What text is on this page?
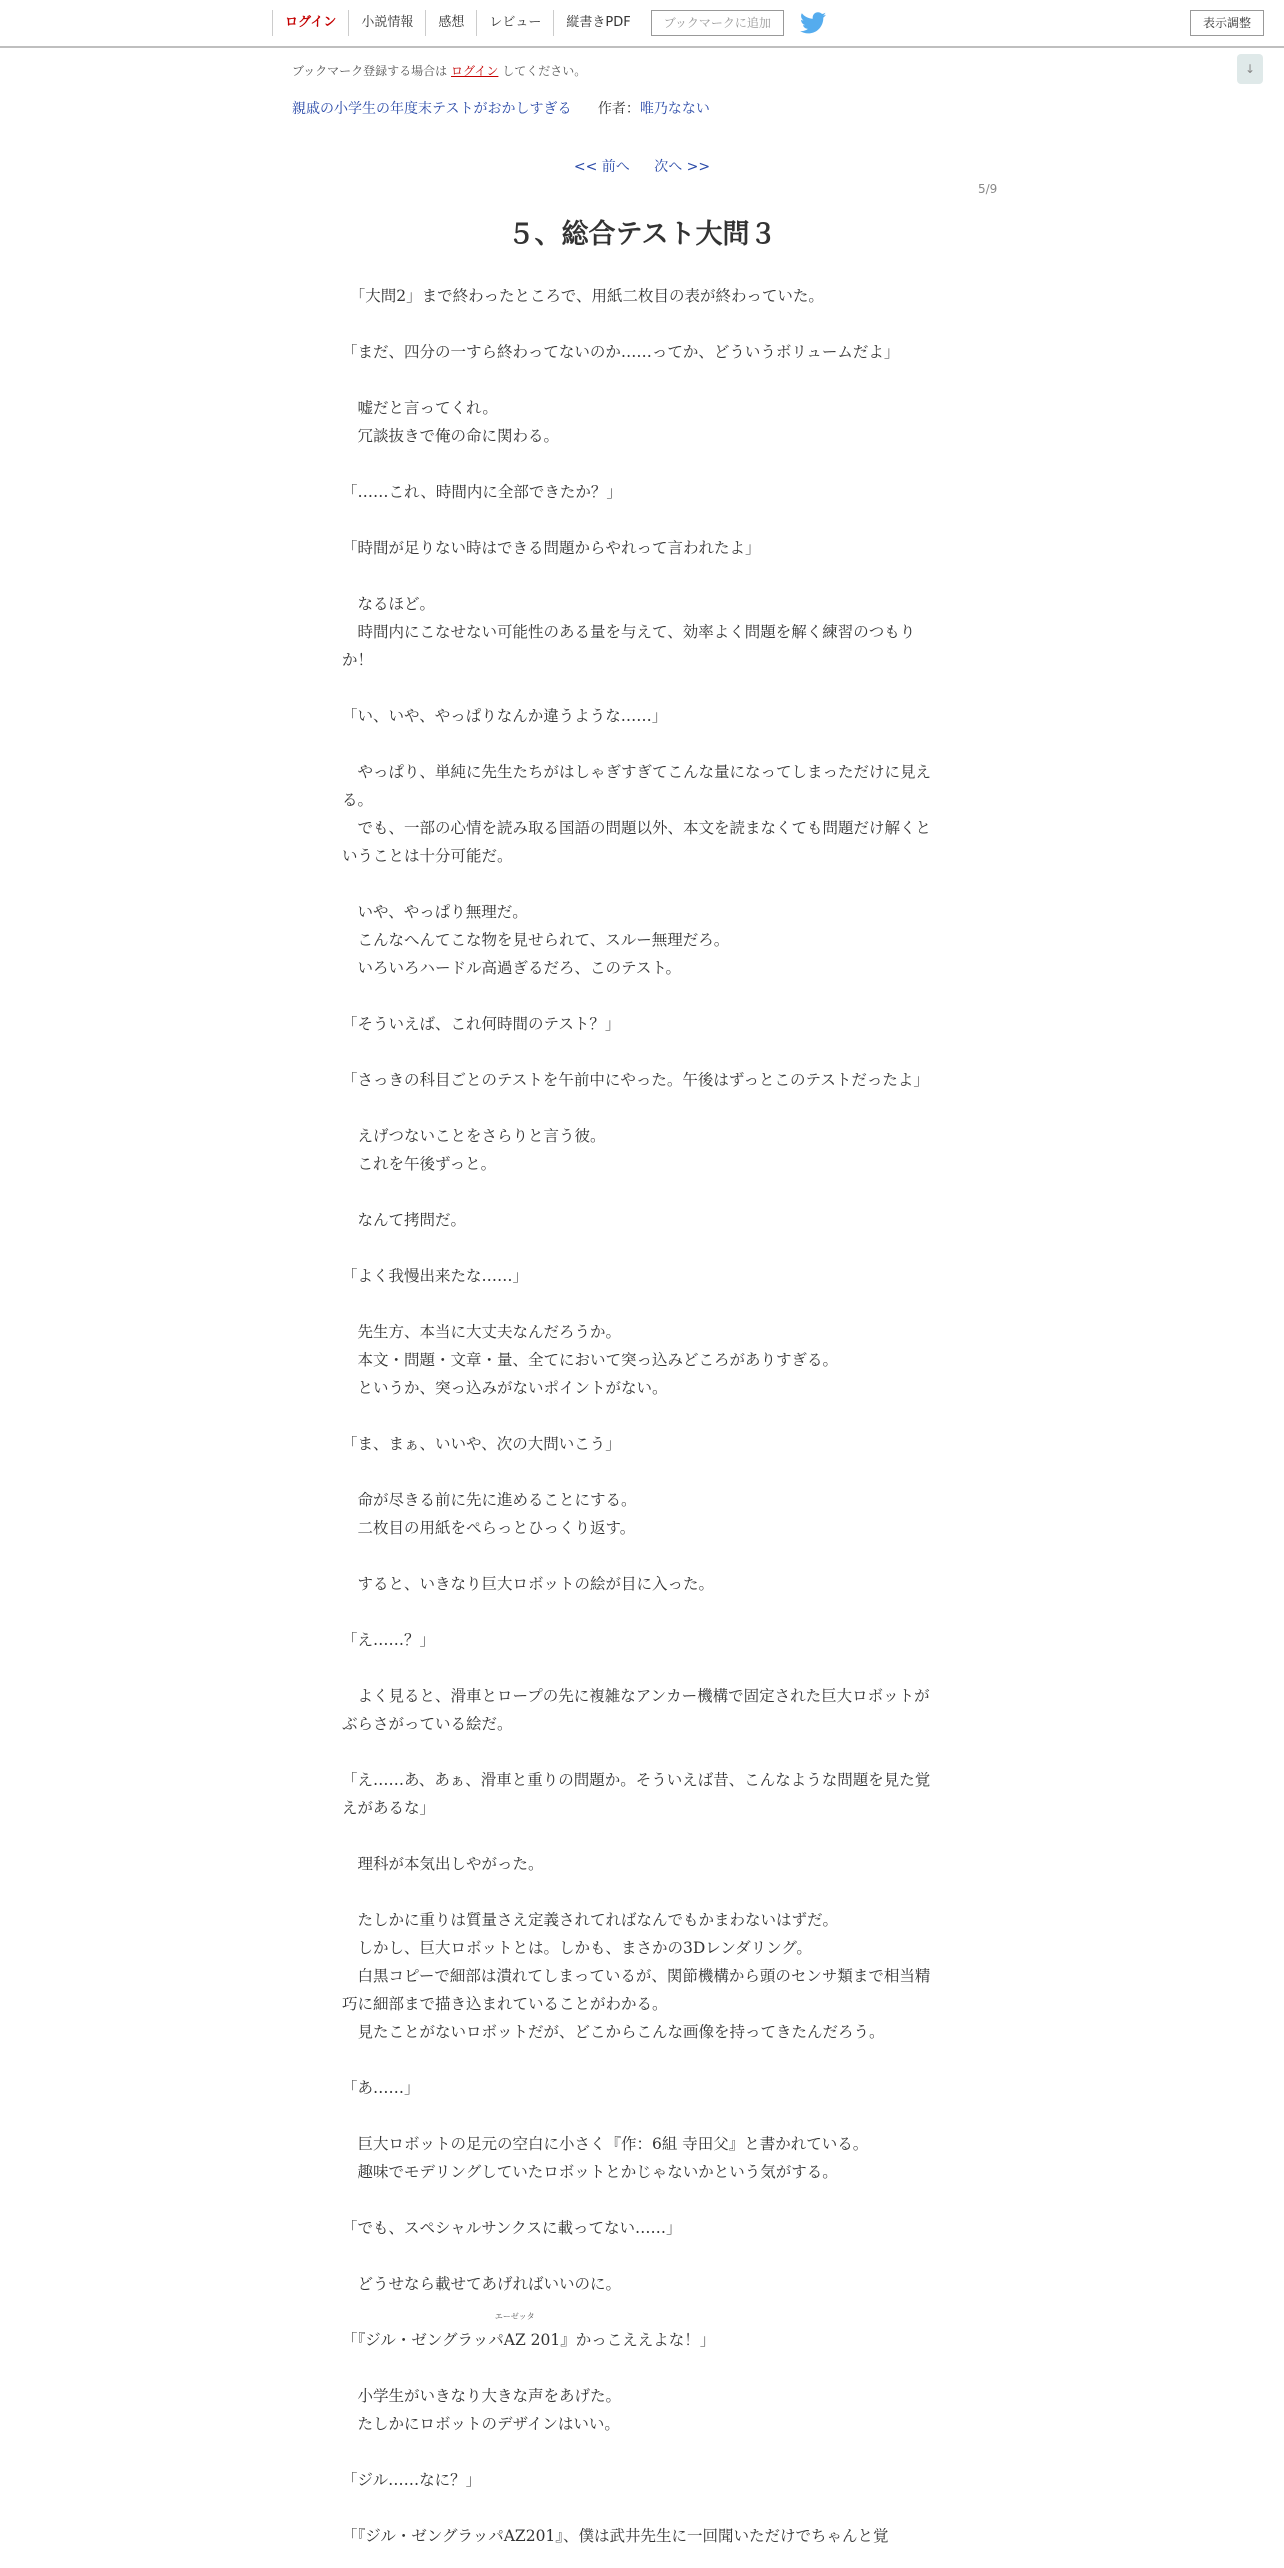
ログイン	小説情報	感想	レビュー	縦書きPDF	ブックマークに追加	表示調整
↓
ブックマーク登録する場合は ログイン してください。
親戚の小学生の年度末テストがおかしすぎる 作者：唯乃なない
<< 前へ 次へ >>
5/9
５、総合テスト大問３

　「大問2」まで終わったところで、用紙二枚目の表が終わっていた。

「まだ、四分の一すら終わってないのか……ってか、どういうボリュームだよ」

　嘘だと言ってくれ。

　冗談抜きで俺の命に関わる。

「……これ、時間内に全部できたか？」

「時間が足りない時はできる問題からやれって言われたよ」

　なるほど。

　時間内にこなせない可能性のある量を与えて、効率よく問題を解く練習のつもりか！

「い、いや、やっぱりなんか違うような……」

　やっぱり、単純に先生たちがはしゃぎすぎてこんな量になってしまっただけに見える。

　でも、一部の心情を読み取る国語の問題以外、本文を読まなくても問題だけ解くということは十分可能だ。

　いや、やっぱり無理だ。

　こんなへんてこな物を見せられて、スルー無理だろ。

　いろいろハードル高過ぎるだろ、このテスト。

「そういえば、これ何時間のテスト？」

「さっきの科目ごとのテストを午前中にやった。午後はずっとこのテストだったよ」

　えげつないことをさらりと言う彼。

　これを午後ずっと。

　なんて拷問だ。

「よく我慢出来たな……」

　先生方、本当に大丈夫なんだろうか。

　本文・問題・文章・量、全てにおいて突っ込みどころがありすぎる。

　というか、突っ込みがないポイントがない。

「ま、まぁ、いいや、次の大問いこう」

　命が尽きる前に先に進めることにする。

　二枚目の用紙をぺらっとひっくり返す。

　すると、いきなり巨大ロボットの絵が目に入った。

「え……？」

　よく見ると、滑車とロープの先に複雑なアンカー機構で固定された巨大ロボットがぶらさがっている絵だ。

「え……あ、あぁ、滑車と重りの問題か。そういえば昔、こんなような問題を見た覚えがあるな」

　理科が本気出しやがった。

　たしかに重りは質量さえ定義されてればなんでもかまわないはずだ。

　しかし、巨大ロボットとは。しかも、まさかの3Dレンダリング。

　白黒コピーで細部は潰れてしまっているが、関節機構から頭のセンサ類まで相当精巧に細部まで描き込まれていることがわかる。

　見たことがないロボットだが、どこからこんな画像を持ってきたんだろう。

「あ……」

　巨大ロボットの足元の空白に小さく『作：6組 寺田父』と書かれている。

　趣味でモデリングしていたロボットとかじゃないかという気がする。

「でも、スペシャルサンクスに載ってない……」

　どうせなら載せてあげればいいのに。

「『ジル・ゼングラッパ
エーゼッタ
AZ 201』かっこええよな！」

　小学生がいきなり大きな声をあげた。

　たしかにロボットのデザインはいい。

「ジル……なに？」

「『ジル・ゼングラッパAZ201』、僕は武井先生に一回聞いただけでちゃんと覚
